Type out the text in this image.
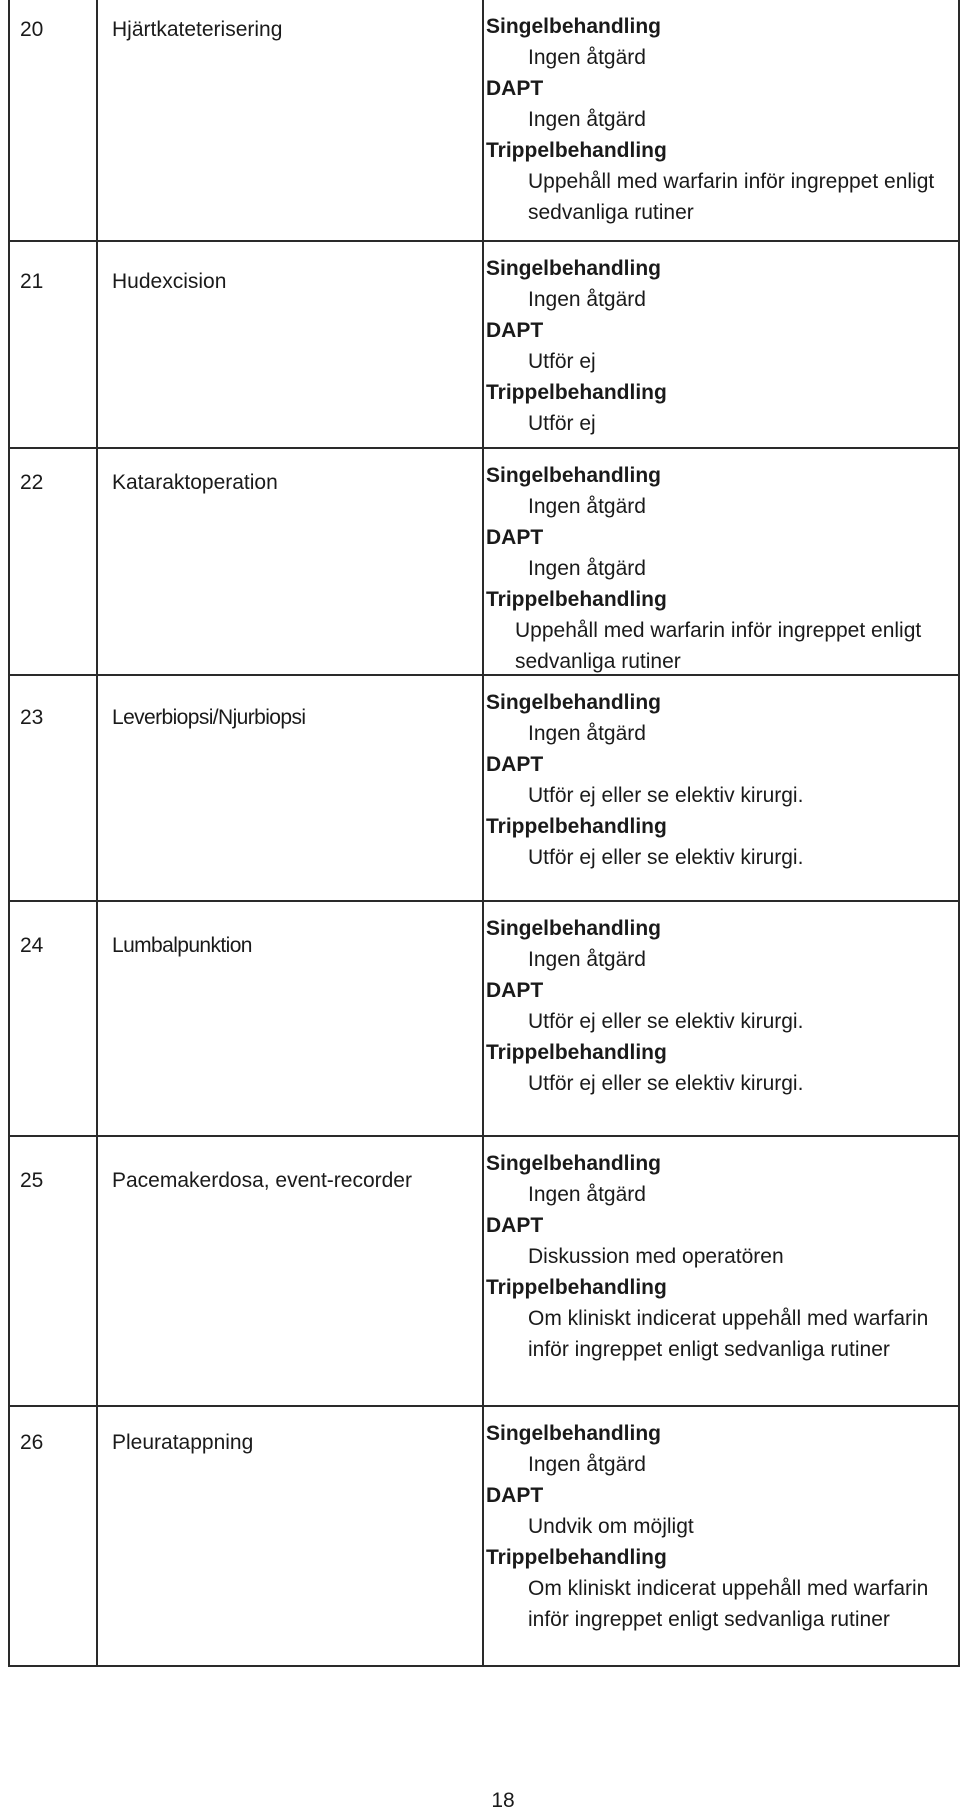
20	Hjärtkateterisering	Singelbehandling
Ingen åtgärd
DAPT
Ingen åtgärd
Trippelbehandling
Uppehåll med warfarin inför ingreppet enligt sedvanliga rutiner
21	Hudexcision
Singelbehandling
Ingen åtgärd
DAPT
Utför ej
Trippelbehandling
Utför ej
22	Kataraktoperation	Singelbehandling
Ingen åtgärd
DAPT
Ingen åtgärd
Trippelbehandling
Uppehåll med warfarin inför ingreppet enligt sedvanliga rutiner
23	Leverbiopsi/Njurbiopsi
Singelbehandling
Ingen åtgärd
DAPT
Utför ej eller se elektiv kirurgi.
Trippelbehandling
Utför ej eller se elektiv kirurgi.
24	Lumbalpunktion
Singelbehandling
Ingen åtgärd
DAPT
Utför ej eller se elektiv kirurgi.
Trippelbehandling
Utför ej eller se elektiv kirurgi.
25	Pacemakerdosa, event-recorder
Singelbehandling
Ingen åtgärd
DAPT
Diskussion med operatören
Trippelbehandling
Om kliniskt indicerat uppehåll med warfarin inför ingreppet enligt sedvanliga rutiner
26	Pleuratappning	Singelbehandling
Ingen åtgärd
DAPT
Undvik om möjligt
Trippelbehandling
Om kliniskt indicerat uppehåll med warfarin inför ingreppet enligt sedvanliga rutiner
18
